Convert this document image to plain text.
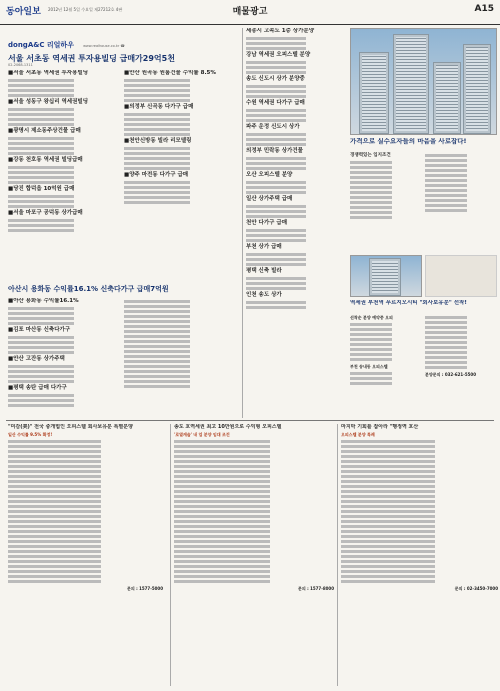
동아일보 2012년 12월 5일 수요일 제27212호 4판	매물광고	A15
dongA&C 리얼하우	www.realhouse.co.kr ☎ 02-2068-1311
서울 서초동 역세권 투자용빌딩 급매가29억5천
■서울 서초동 역세권 투자용빌딩
■서울 성동구 왕십리 역세권빌딩
■광명시 제소동주상건물 급매
■강동 천호동 역세권 빌딩급매
■당진 합덕읍 10억원 급매
■서울 마포구 공덕동 상가급매
■안산 원곡동 원룸건물 수익률 8.5%
■의정부 신곡동 다가구 급매
■천안신방동 빌라 리모델링
■양주 마전동 다가구 급매
아산시 용화동 수익률16.1% 신축다가구 급매7억원
■아산 용화동 수익률16.1%
■김포 마산동 신축다가구
■안산 고잔동 상가주택
■평택 송탄 급매 다가구
세종시 고속도 1층 상가분양
강남 역세권 오피스텔 분양
송도 신도시 상가 분양중
수원 역세권 다가구 급매
파주 운정 신도시 상가
의정부 민락동 상가건물
오산 오피스텔 분양
일산 상가주택 급매
천안 다가구 급매
부천 상가 급매
평택 신축 빌라
인천 송도 상가
가격으로 실수요자들의 마음을 사로잡다!
경쟁력있는 입지조건
역세권 부천역 푸르지오시티 "회사보유분" 선착!
선착순 분양 예약중 오피
부천 송내동 오피스텔
분양문의 : 032-621-5500
"미감(美)" 전국 중개법인 오피스텔 회사보유분 특별분양
일산 수익률 9.5% 확정!
문의 : 1577-5000
송도 호역세권 최고 10만원으로 수익형 오피스텔
'로열캐슬' 내 업 분양 임대 조건
문의 : 1577-8000
마지막 기회를 잡아라 "행정역 호산
오피스텔 분양 특례
문의 : 02-3450-7000
